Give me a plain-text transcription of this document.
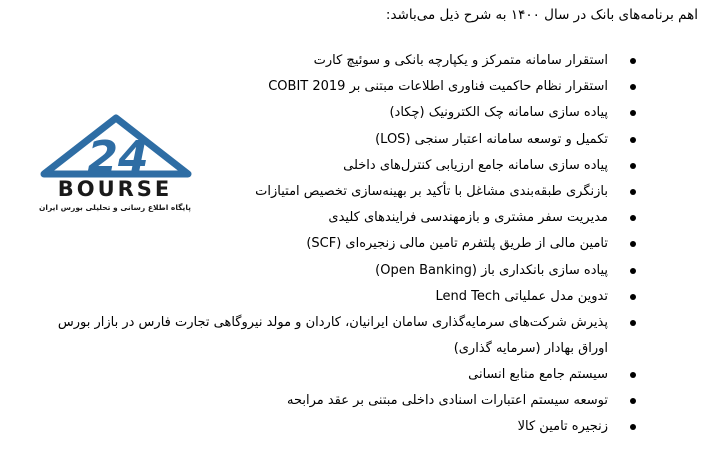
اهم برنامه‌های بانک در سال ۱۴۰۰ به شرح ذیل می‌باشد:
استقرار سامانه متمرکز و یکپارچه بانکی و سوئیچ کارت
استقرار نظام حاکمیت فناوری اطلاعات مبتنی بر COBIT 2019
پیاده سازی سامانه چک الکترونیک (چکاد)
تکمیل و توسعه سامانه اعتبار سنجی (LOS)
پیاده سازی سامانه جامع ارزیابی کنترل‌های داخلی
بازنگری طبقه‌بندی مشاغل با تأکید بر بهینه‌سازی تخصیص امتیازات
مدیریت سفر مشتری و بازمهندسی فرایندهای کلیدی
تامین مالی از طریق پلتفرم تامین مالی زنجیره‌ای (SCF)
پیاده سازی بانکداری باز (Open Banking)
تدوین مدل عملیاتی Lend Tech
پذیرش شرکت‌های سرمایه‌گذاری سامان ایرانیان، کاردان و مولد نیروگاهی تجارت فارس در بازار بورس اوراق بهادار (سرمایه گذاری)
سیستم جامع منابع انسانی
توسعه سیستم اعتبارات اسنادی داخلی مبتنی بر عقد مرابحه
زنجیره تامین کالا
24
BOURSE
پایگاه اطلاع رسانی و تحلیلی بورس ایران
